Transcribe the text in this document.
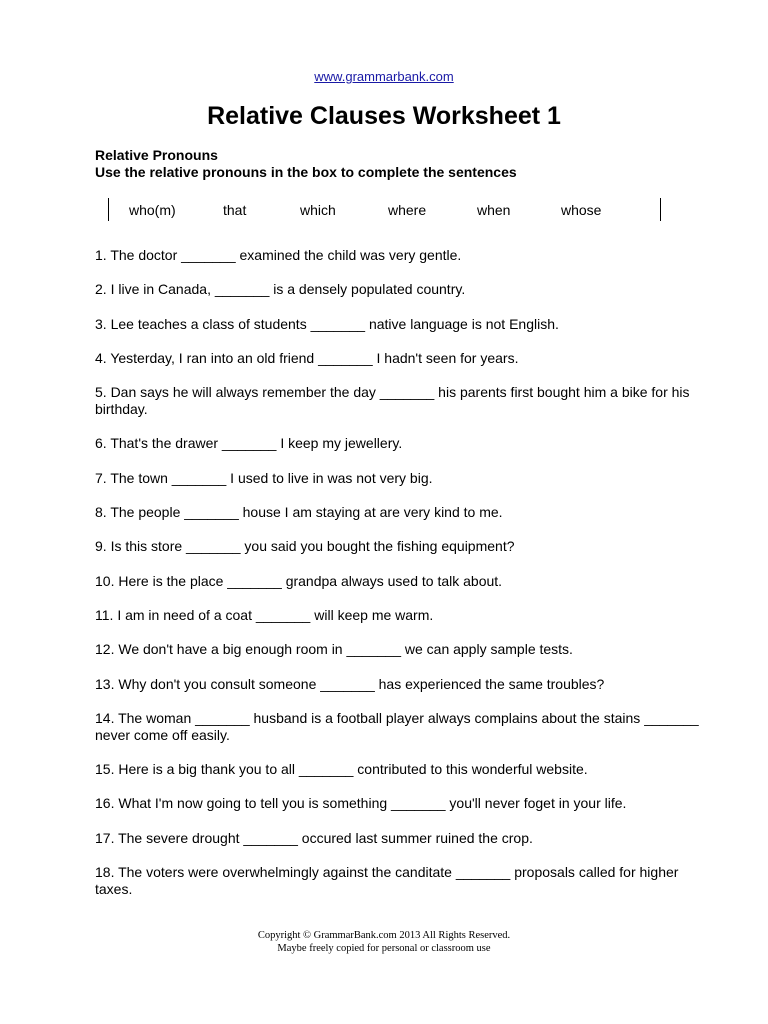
www.grammarbank.com
Relative Clauses Worksheet 1
Relative Pronouns
Use the relative pronouns in the box to complete the sentences
who(m)	that	which	where	when	whose
1. The doctor _______ examined the child was very gentle.
2. I live in Canada, _______ is a densely populated country.
3. Lee teaches a class of students _______ native language is not English.
4. Yesterday, I ran into an old friend _______ I hadn't seen for years.
5. Dan says he will always remember the day _______ his parents first bought him a bike for his birthday.
6. That's the drawer _______ I keep my jewellery.
7. The town _______ I used to live in was not very big.
8. The people _______ house I am staying at are very kind to me.
9. Is this store _______ you said you bought the fishing equipment?
10. Here is the place _______ grandpa always used to talk about.
11. I am in need of a coat _______ will keep me warm.
12. We don't have a big enough room in _______ we can apply sample tests.
13. Why don't you consult someone _______ has experienced the same troubles?
14. The woman _______ husband is a football player always complains about the stains _______ never come off easily.
15. Here is a big thank you to all _______ contributed to this wonderful website.
16. What I'm now going to tell you is something _______ you'll never foget in your life.
17. The severe drought _______ occured last summer ruined the crop.
18. The voters were overwhelmingly against the canditate _______ proposals called for higher taxes.
Copyright © GrammarBank.com 2013 All Rights Reserved.
Maybe freely copied for personal or classroom use
